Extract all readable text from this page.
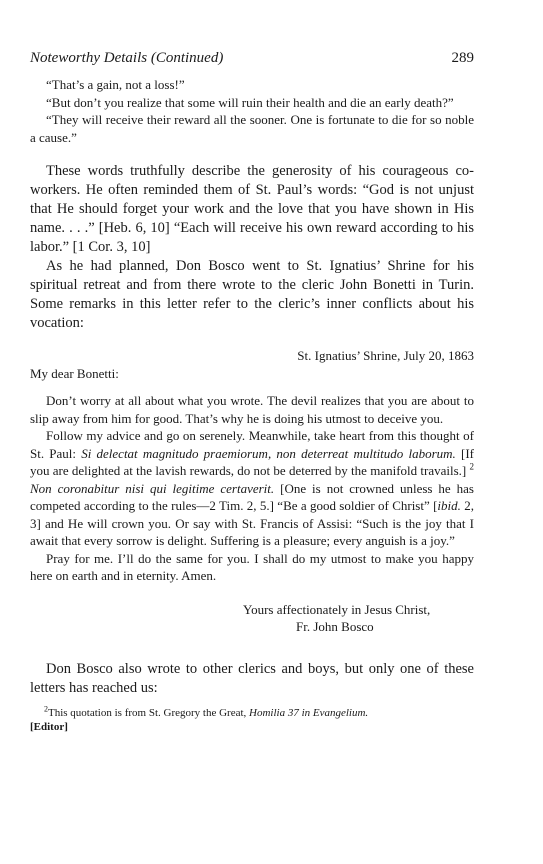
Noteworthy Details (Continued)	289

“That’s a gain, not a loss!”

“But don’t you realize that some will ruin their health and die an early death?”

“They will receive their reward all the sooner. One is fortunate to die for so noble a cause.”

These words truthfully describe the generosity of his courageous co-workers. He often reminded them of St. Paul’s words: “God is not unjust that He should forget your work and the love that you have shown in His name. . . .” [Heb. 6, 10] “Each will receive his own reward according to his labor.” [1 Cor. 3, 10]

As he had planned, Don Bosco went to St. Ignatius’ Shrine for his spiritual retreat and from there wrote to the cleric John Bonetti in Turin. Some remarks in this letter refer to the cleric’s inner conflicts about his vocation:

St. Ignatius’ Shrine, July 20, 1863
My dear Bonetti:

Don’t worry at all about what you wrote. The devil realizes that you are about to slip away from him for good. That’s why he is doing his utmost to deceive you.

Follow my advice and go on serenely. Meanwhile, take heart from this thought of St. Paul: Si delectat magnitudo praemiorum, non deterreat multitudo laborum. [If you are delighted at the lavish rewards, do not be deterred by the manifold travails.] $^2$ Non coronabitur nisi qui legitime certaverit. [One is not crowned unless he has competed according to the rules—2 Tim. 2, 5.] “Be a good soldier of Christ” [ibid. 2, 3] and He will crown you. Or say with St. Francis of Assisi: “Such is the joy that I await that every sorrow is delight. Suffering is a pleasure; every anguish is a joy.”

Pray for me. I’ll do the same for you. I shall do my utmost to make you happy here on earth and in eternity. Amen.

Yours affectionately in Jesus Christ,
Fr. John Bosco

Don Bosco also wrote to other clerics and boys, but only one of these letters has reached us:

$^2$This quotation is from St. Gregory the Great, Homilia 37 in Evangelium.
[Editor]
